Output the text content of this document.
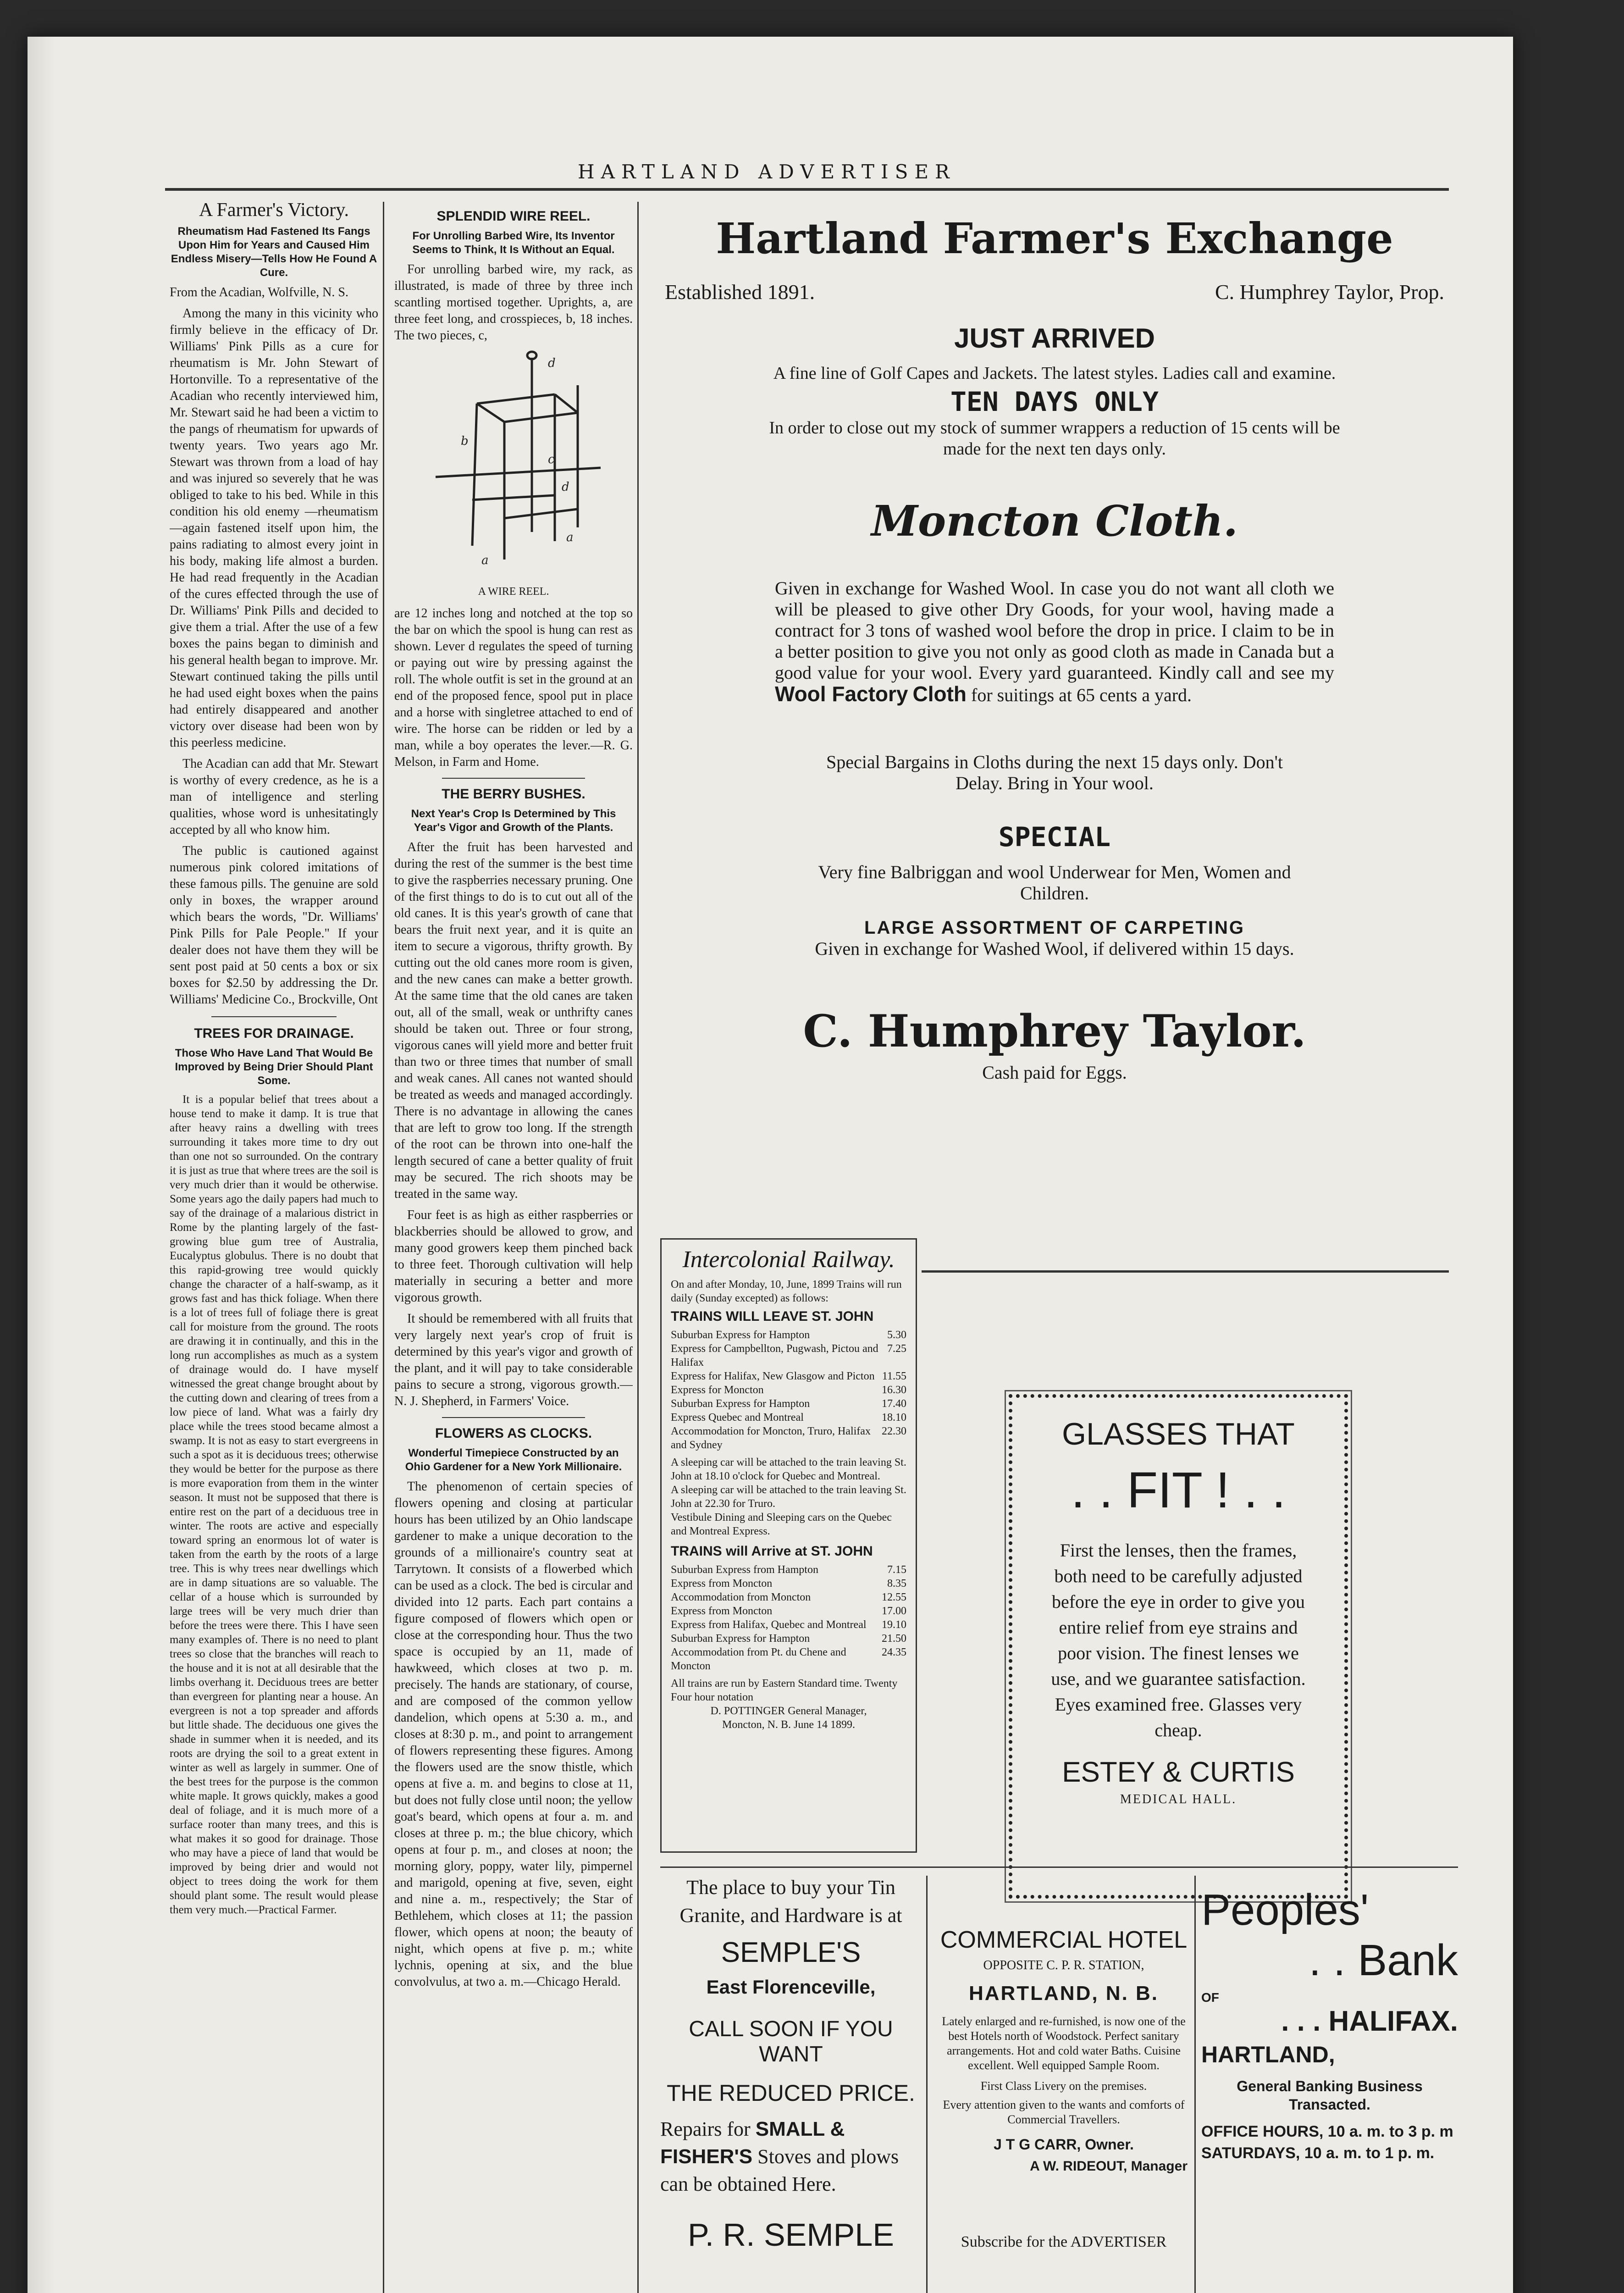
HARTLAND ADVERTISER
A Farmer's Victory.

Rheumatism Had Fastened Its Fangs Upon Him for Years and Caused Him Endless Misery—Tells How He Found A Cure.

From the Acadian, Wolfville, N. S.

Among the many in this vicinity who firmly believe in the efficacy of Dr. Williams' Pink Pills as a cure for rheumatism is Mr. John Stewart of Hortonville. To a representative of the Acadian who recently interviewed him, Mr. Stewart said he had been a victim to the pangs of rheumatism for upwards of twenty years. Two years ago Mr. Stewart was thrown from a load of hay and was injured so severely that he was obliged to take to his bed. While in this condition his old enemy —rheumatism—again fastened itself upon him, the pains radiating to almost every joint in his body, making life almost a burden. He had read frequently in the Acadian of the cures effected through the use of Dr. Williams' Pink Pills and decided to give them a trial. After the use of a few boxes the pains began to diminish and his general health began to improve. Mr. Stewart continued taking the pills until he had used eight boxes when the pains had entirely disappeared and another victory over disease had been won by this peerless medicine.

The Acadian can add that Mr. Stewart is worthy of every credence, as he is a man of intelligence and sterling qualities, whose word is unhesitatingly accepted by all who know him.

The public is cautioned against numerous pink colored imitations of these famous pills. The genuine are sold only in boxes, the wrapper around which bears the words, "Dr. Williams' Pink Pills for Pale People." If your dealer does not have them they will be sent post paid at 50 cents a box or six boxes for $2.50 by addressing the Dr. Williams' Medicine Co., Brockville, Ont

TREES FOR DRAINAGE.

Those Who Have Land That Would Be Improved by Being Drier Should Plant Some.

It is a popular belief that trees about a house tend to make it damp. It is true that after heavy rains a dwelling with trees surrounding it takes more time to dry out than one not so surrounded. On the contrary it is just as true that where trees are the soil is very much drier than it would be otherwise. Some years ago the daily papers had much to say of the drainage of a malarious district in Rome by the planting largely of the fast-growing blue gum tree of Australia, Eucalyptus globulus. There is no doubt that this rapid-growing tree would quickly change the character of a half-swamp, as it grows fast and has thick foliage. When there is a lot of trees full of foliage there is great call for moisture from the ground. The roots are drawing it in continually, and this in the long run accomplishes as much as a system of drainage would do. I have myself witnessed the great change brought about by the cutting down and clearing of trees from a low piece of land. What was a fairly dry place while the trees stood became almost a swamp. It is not as easy to start evergreens in such a spot as it is deciduous trees; otherwise they would be better for the purpose as there is more evaporation from them in the winter season. It must not be supposed that there is entire rest on the part of a deciduous tree in winter. The roots are active and especially toward spring an enormous lot of water is taken from the earth by the roots of a large tree. This is why trees near dwellings which are in damp situations are so valuable. The cellar of a house which is surrounded by large trees will be very much drier than before the trees were there. This I have seen many examples of. There is no need to plant trees so close that the branches will reach to the house and it is not at all desirable that the limbs overhang it. Deciduous trees are better than evergreen for planting near a house. An evergreen is not a top spreader and affords but little shade. The deciduous one gives the shade in summer when it is needed, and its roots are drying the soil to a great extent in winter as well as largely in summer. One of the best trees for the purpose is the common white maple. It grows quickly, makes a good deal of foliage, and it is much more of a surface rooter than many trees, and this is what makes it so good for drainage. Those who may have a piece of land that would be improved by being drier and would not object to trees doing the work for them should plant some. The result would please them very much.—Practical Farmer.

SPLENDID WIRE REEL.

For Unrolling Barbed Wire, Its Inventor Seems to Think, It Is Without an Equal.

For unrolling barbed wire, my rack, as illustrated, is made of three by three inch scantling mortised together. Uprights, a, are three feet long, and crosspieces, b, 18 inches. The two pieces, c,

b
c
d
d
a
a
A WIRE REEL.

are 12 inches long and notched at the top so the bar on which the spool is hung can rest as shown. Lever d regulates the speed of turning or paying out wire by pressing against the roll. The whole outfit is set in the ground at an end of the proposed fence, spool put in place and a horse with singletree attached to end of wire. The horse can be ridden or led by a man, while a boy operates the lever.—R. G. Melson, in Farm and Home.

THE BERRY BUSHES.

Next Year's Crop Is Determined by This Year's Vigor and Growth of the Plants.

After the fruit has been harvested and during the rest of the summer is the best time to give the raspberries necessary pruning. One of the first things to do is to cut out all of the old canes. It is this year's growth of cane that bears the fruit next year, and it is quite an item to secure a vigorous, thrifty growth. By cutting out the old canes more room is given, and the new canes can make a better growth. At the same time that the old canes are taken out, all of the small, weak or unthrifty canes should be taken out. Three or four strong, vigorous canes will yield more and better fruit than two or three times that number of small and weak canes. All canes not wanted should be treated as weeds and managed accordingly. There is no advantage in allowing the canes that are left to grow too long. If the strength of the root can be thrown into one-half the length secured of cane a better quality of fruit may be secured. The rich shoots may be treated in the same way.

Four feet is as high as either raspberries or blackberries should be allowed to grow, and many good growers keep them pinched back to three feet. Thorough cultivation will help materially in securing a better and more vigorous growth.

It should be remembered with all fruits that very largely next year's crop of fruit is determined by this year's vigor and growth of the plant, and it will pay to take considerable pains to secure a strong, vigorous growth.—N. J. Shepherd, in Farmers' Voice.

FLOWERS AS CLOCKS.

Wonderful Timepiece Constructed by an Ohio Gardener for a New York Millionaire.

The phenomenon of certain species of flowers opening and closing at particular hours has been utilized by an Ohio landscape gardener to make a unique decoration to the grounds of a millionaire's country seat at Tarrytown. It consists of a flowerbed which can be used as a clock. The bed is circular and divided into 12 parts. Each part contains a figure composed of flowers which open or close at the corresponding hour. Thus the two space is occupied by an 11, made of hawkweed, which closes at two p. m. precisely. The hands are stationary, of course, and are composed of the common yellow dandelion, which opens at 5:30 a. m., and closes at 8:30 p. m., and point to arrangement of flowers representing these figures. Among the flowers used are the snow thistle, which opens at five a. m. and begins to close at 11, but does not fully close until noon; the yellow goat's beard, which opens at four a. m. and closes at three p. m.; the blue chicory, which opens at four p. m., and closes at noon; the morning glory, poppy, water lily, pimpernel and marigold, opening at five, seven, eight and nine a. m., respectively; the Star of Bethlehem, which closes at 11; the passion flower, which opens at noon; the beauty of night, which opens at five p. m.; white lychnis, opening at six, and the blue convolvulus, at two a. m.—Chicago Herald.

Hartland Farmer's Exchange
Established 1891.	C. Humphrey Taylor, Prop.
JUST ARRIVED
A fine line of Golf Capes and Jackets. The latest styles. Ladies call and examine.
TEN DAYS ONLY
In order to close out my stock of summer wrappers a reduction of 15 cents will be made for the next ten days only.
Moncton Cloth.
Given in exchange for Washed Wool. In case you do not want all cloth we will be pleased to give other Dry Goods, for your wool, having made a contract for 3 tons of washed wool before the drop in price. I claim to be in a better position to give you not only as good cloth as made in Canada but a good value for your wool. Every yard guaranteed. Kindly call and see my Wool Factory Cloth for suitings at 65 cents a yard.
Special Bargains in Cloths during the next 15 days only. Don't Delay. Bring in Your wool.
SPECIAL
Very fine Balbriggan and wool Underwear for Men, Women and Children.
LARGE ASSORTMENT OF CARPETING
Given in exchange for Washed Wool, if delivered within 15 days.
C. Humphrey Taylor.
Cash paid for Eggs.
Intercolonial Railway.
On and after Monday, 10, June, 1899 Trains will run daily (Sunday excepted) as follows:
TRAINS WILL LEAVE ST. JOHN
Suburban Express for Hampton	5.30
Express for Campbellton, Pugwash, Pictou and Halifax
7.25
Express for Halifax, New Glasgow and Picton 11.55
Express for Moncton	16.30
Suburban Express for Hampton	17.40
Express Quebec and Montreal	18.10
Accommodation for Moncton, Truro, Halifax and Sydney
22.30
A sleeping car will be attached to the train leaving St. John at 18.10 o'clock for Quebec and Montreal.
A sleeping car will be attached to the train leaving St. John at 22.30 for Truro.
Vestibule Dining and Sleeping cars on the Quebec and Montreal Express.
TRAINS will Arrive at ST. JOHN
Suburban Express from Hampton	7.15
Express from Moncton	8.35
Accommodation from Moncton	12.55
Express from Moncton	17.00
Express from Halifax, Quebec and Montreal 19.10
Suburban Express for Hampton	21.50
Accommodation from Pt. du Chene and Moncton
24.35
All trains are run by Eastern Standard time. Twenty Four hour notation
D. POTTINGER General Manager,
Moncton, N. B. June 14 1899.
GLASSES THAT
. . FIT ! . .
First the lenses, then the frames, both need to be carefully adjusted before the eye in order to give you entire relief from eye strains and poor vision. The finest lenses we use, and we guarantee satisfaction. Eyes examined free. Glasses very cheap.
ESTEY & CURTIS
MEDICAL HALL.
The place to buy your Tin
Granite, and Hardware is at
SEMPLE'S
East Florenceville,
CALL SOON IF YOU WANT
THE REDUCED PRICE.
Repairs for SMALL & FISHER'S Stoves and plows can be obtained Here.
P. R. SEMPLE
COMMERCIAL HOTEL
OPPOSITE C. P. R. STATION,
HARTLAND, N. B.
Lately enlarged and re-furnished, is now one of the best Hotels north of Woodstock. Perfect sanitary arrangements. Hot and cold water Baths. Cuisine excellent. Well equipped Sample Room.
First Class Livery on the premises.
Every attention given to the wants and comforts of Commercial Travellers.
J T G CARR, Owner.
A W. RIDEOUT, Manager
Subscribe for the ADVERTISER
Peoples'
. . Bank
OF
. . . HALIFAX.
HARTLAND,
General Banking Business Transacted.
OFFICE HOURS, 10 a. m. to 3 p. m
SATURDAYS, 10 a. m. to 1 p. m.
